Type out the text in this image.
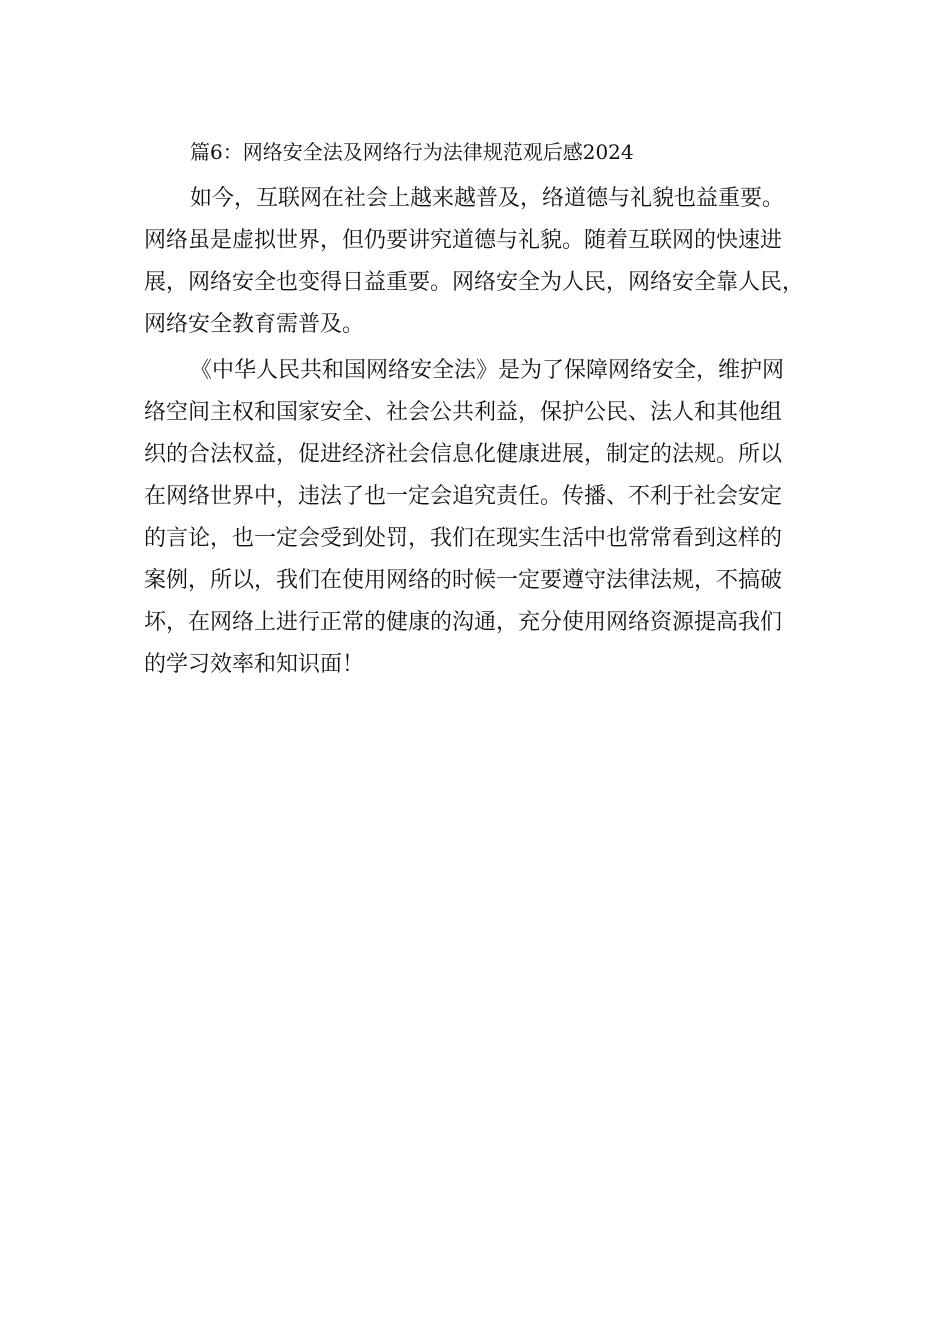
篇6：网络安全法及网络行为法律规范观后感2024

如今，互联网在社会上越来越普及，络道德与礼貌也益重要。
网络虽是虚拟世界，但仍要讲究道德与礼貌。随着互联网的快速进
展，网络安全也变得日益重要。网络安全为人民，网络安全靠人民，
网络安全教育需普及。

《中华人民共和国网络安全法》是为了保障网络安全，维护网
络空间主权和国家安全、社会公共利益，保护公民、法人和其他组
织的合法权益，促进经济社会信息化健康进展，制定的法规。所以
在网络世界中，违法了也一定会追究责任。传播、不利于社会安定
的言论，也一定会受到处罚，我们在现实生活中也常常看到这样的
案例，所以，我们在使用网络的时候一定要遵守法律法规，不搞破
坏，在网络上进行正常的健康的沟通，充分使用网络资源提高我们
的学习效率和知识面！
